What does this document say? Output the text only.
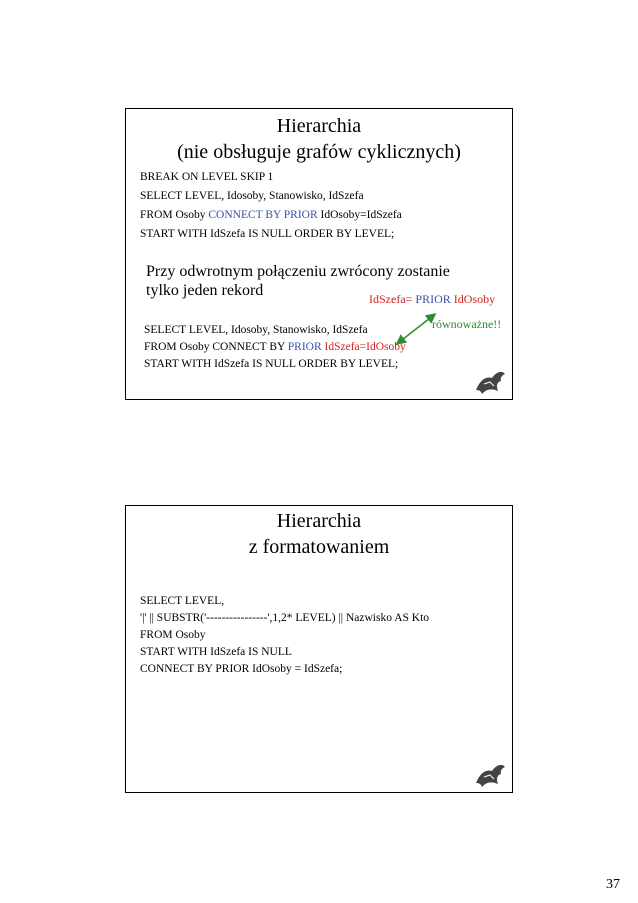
Hierarchia
(nie obsługuje grafów cyklicznych)
BREAK ON LEVEL SKIP 1
SELECT LEVEL, Idosoby, Stanowisko, IdSzefa
FROM Osoby CONNECT BY PRIOR IdOsoby=IdSzefa
START WITH IdSzefa IS NULL ORDER BY LEVEL;
Przy odwrotnym połączeniu zwrócony zostanie
tylko jeden rekord	IdSzefa= PRIOR IdOsoby
równoważne!!
SELECT LEVEL, Idosoby, Stanowisko, IdSzefa
FROM Osoby CONNECT BY PRIOR IdSzefa=IdOsoby
START WITH IdSzefa IS NULL ORDER BY LEVEL;
Hierarchia
z formatowaniem
SELECT LEVEL,
'|' || SUBSTR('----------------',1,2* LEVEL) || Nazwisko AS Kto
FROM Osoby
START WITH IdSzefa IS NULL
CONNECT BY PRIOR IdOsoby = IdSzefa;
37
